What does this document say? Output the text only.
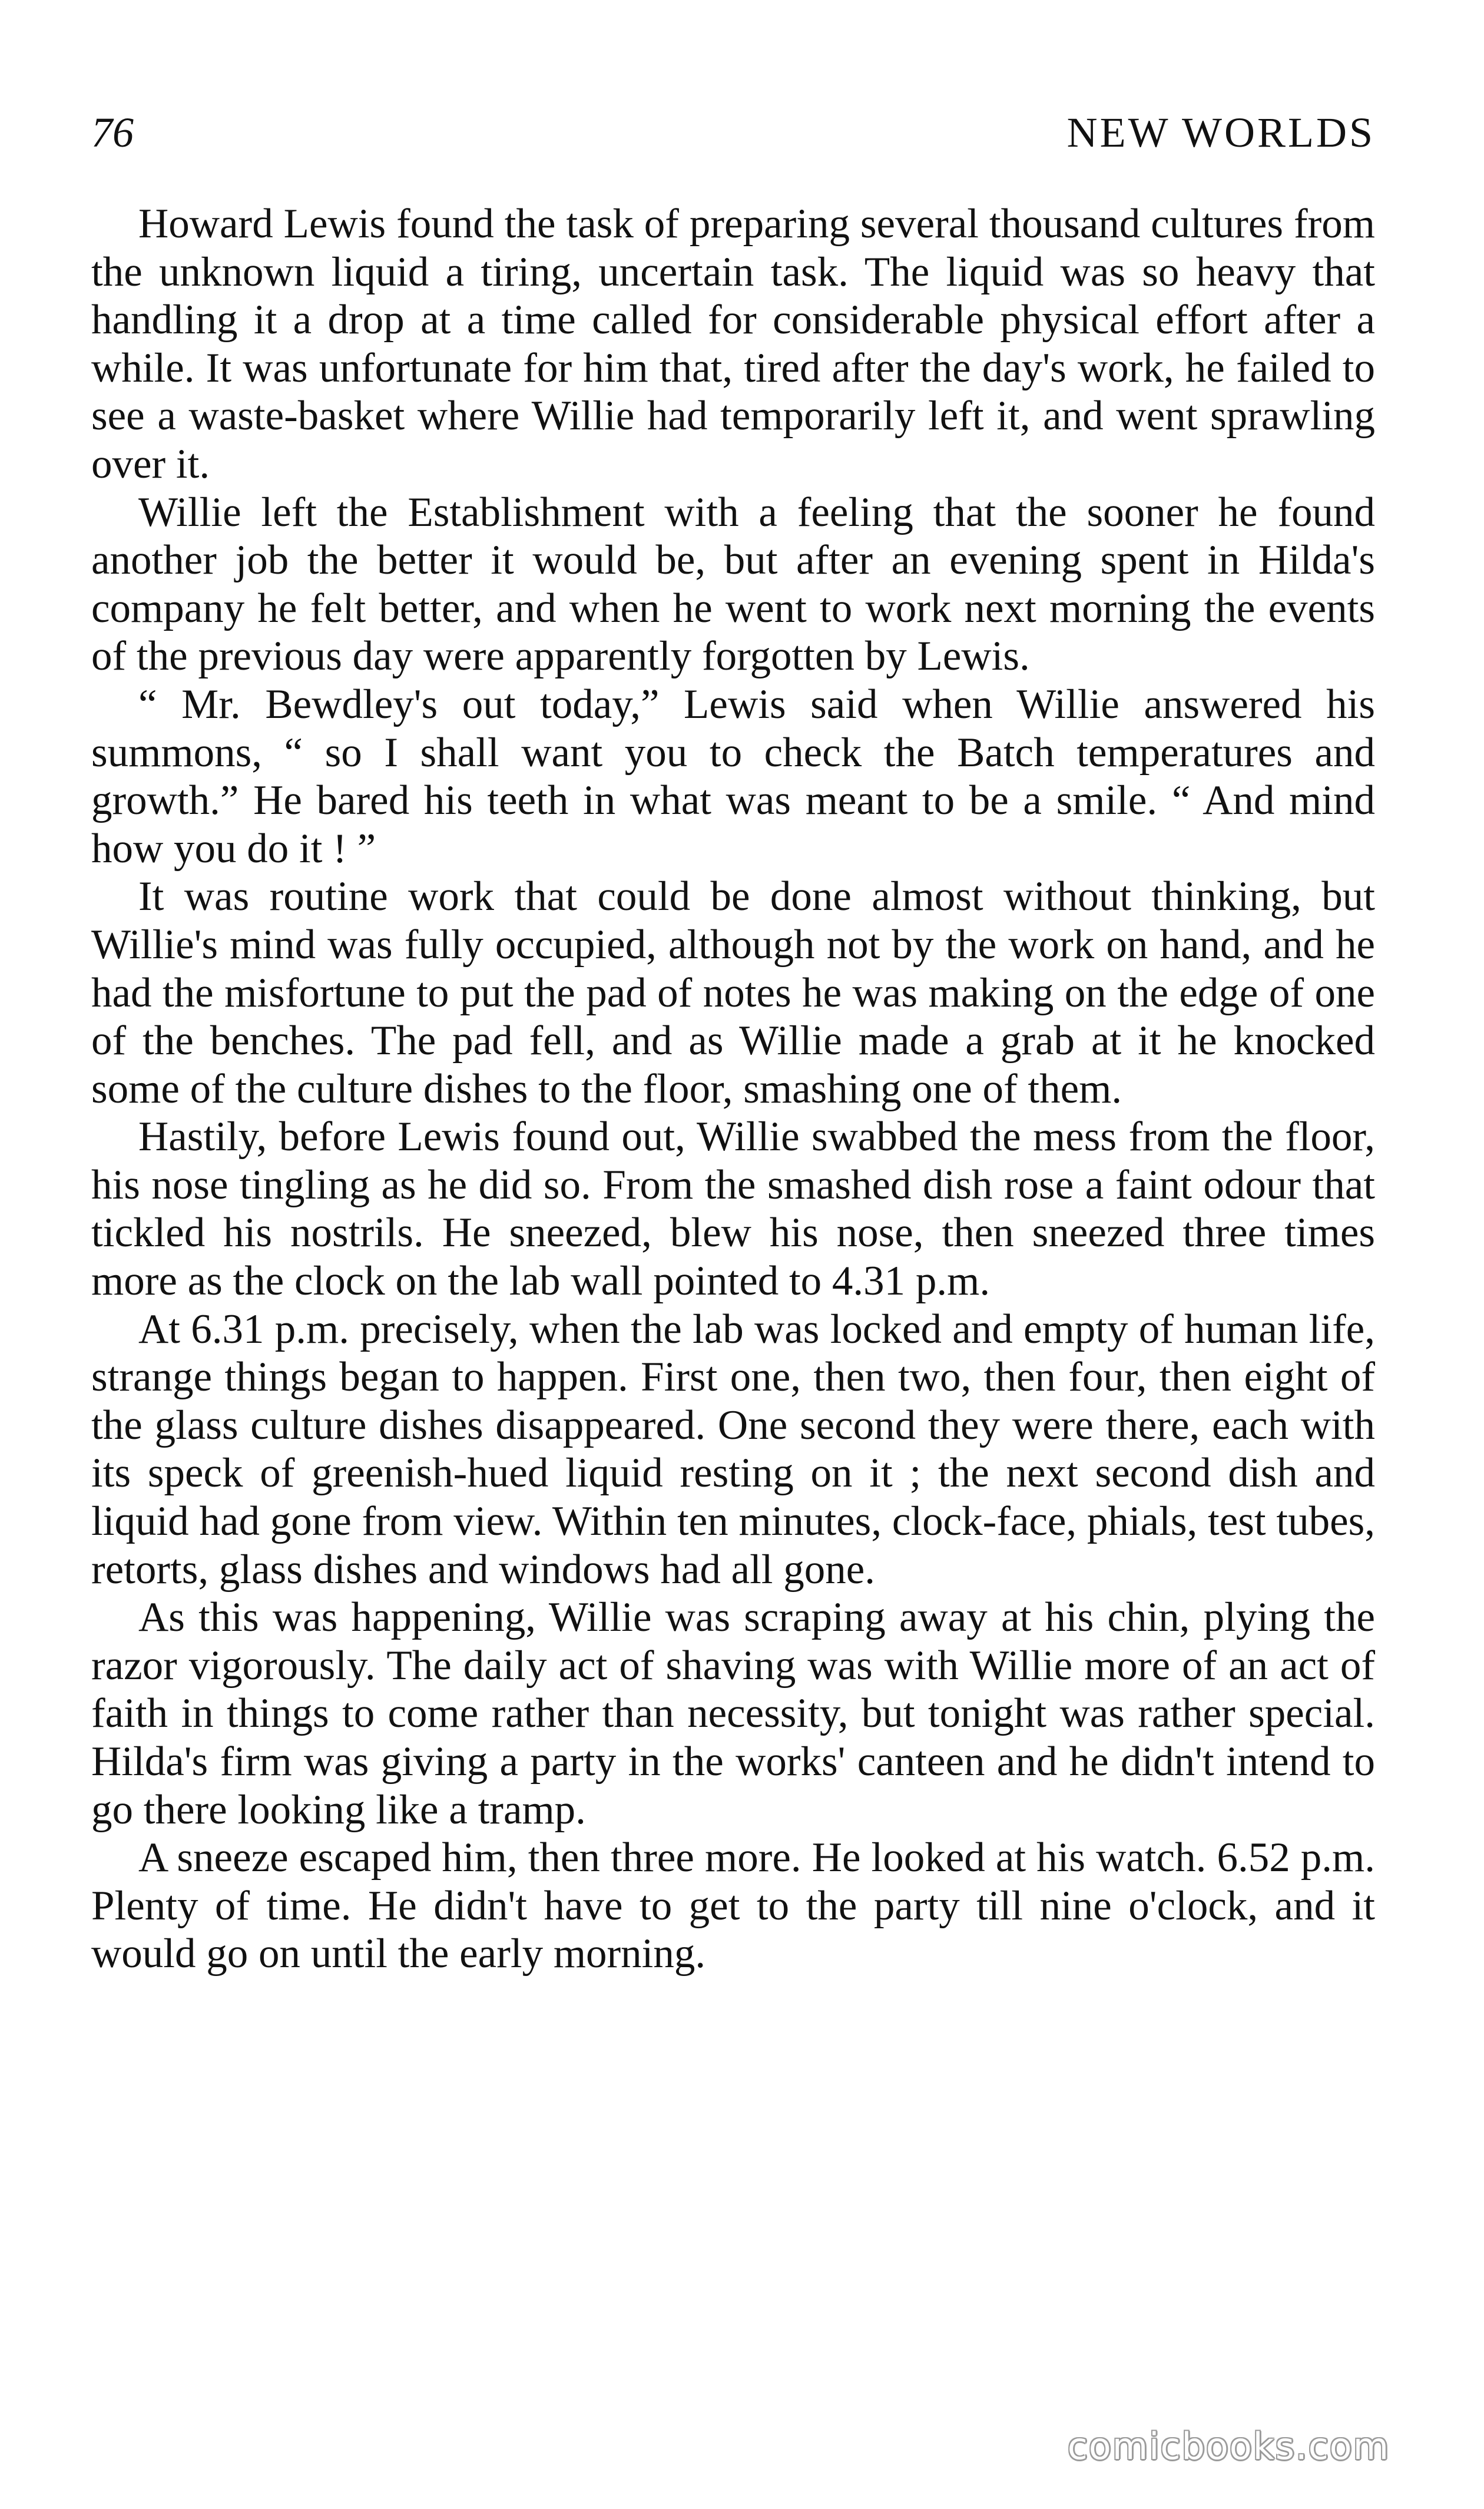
76	NEW WORLDS

Howard Lewis found the task of preparing several thousand cultures from the unknown liquid a tiring, uncertain task. The liquid was so heavy that handling it a drop at a time called for considerable physical effort after a while. It was unfortunate for him that, tired after the day's work, he failed to see a waste-basket where Willie had temporarily left it, and went sprawling over it.

Willie left the Establishment with a feeling that the sooner he found another job the better it would be, but after an evening spent in Hilda's company he felt better, and when he went to work next morning the events of the previous day were apparently forgotten by Lewis.

“ Mr. Bewdley's out today,” Lewis said when Willie answered his summons, “ so I shall want you to check the Batch temperatures and growth.” He bared his teeth in what was meant to be a smile. “ And mind how you do it ! ”

It was routine work that could be done almost without thinking, but Willie's mind was fully occupied, although not by the work on hand, and he had the misfortune to put the pad of notes he was making on the edge of one of the benches. The pad fell, and as Willie made a grab at it he knocked some of the culture dishes to the floor, smashing one of them.

Hastily, before Lewis found out, Willie swabbed the mess from the floor, his nose tingling as he did so. From the smashed dish rose a faint odour that tickled his nostrils. He sneezed, blew his nose, then sneezed three times more as the clock on the lab wall pointed to 4.31 p.m.

At 6.31 p.m. precisely, when the lab was locked and empty of human life, strange things began to happen. First one, then two, then four, then eight of the glass culture dishes disappeared. One second they were there, each with its speck of greenish-hued liquid resting on it ; the next second dish and liquid had gone from view. Within ten minutes, clock-face, phials, test tubes, retorts, glass dishes and windows had all gone.

As this was happening, Willie was scraping away at his chin, plying the razor vigorously. The daily act of shaving was with Willie more of an act of faith in things to come rather than necessity, but tonight was rather special. Hilda's firm was giving a party in the works' canteen and he didn't intend to go there looking like a tramp.

A sneeze escaped him, then three more. He looked at his watch. 6.52 p.m. Plenty of time. He didn't have to get to the party till nine o'clock, and it would go on until the early morning.

comicbooks.com
